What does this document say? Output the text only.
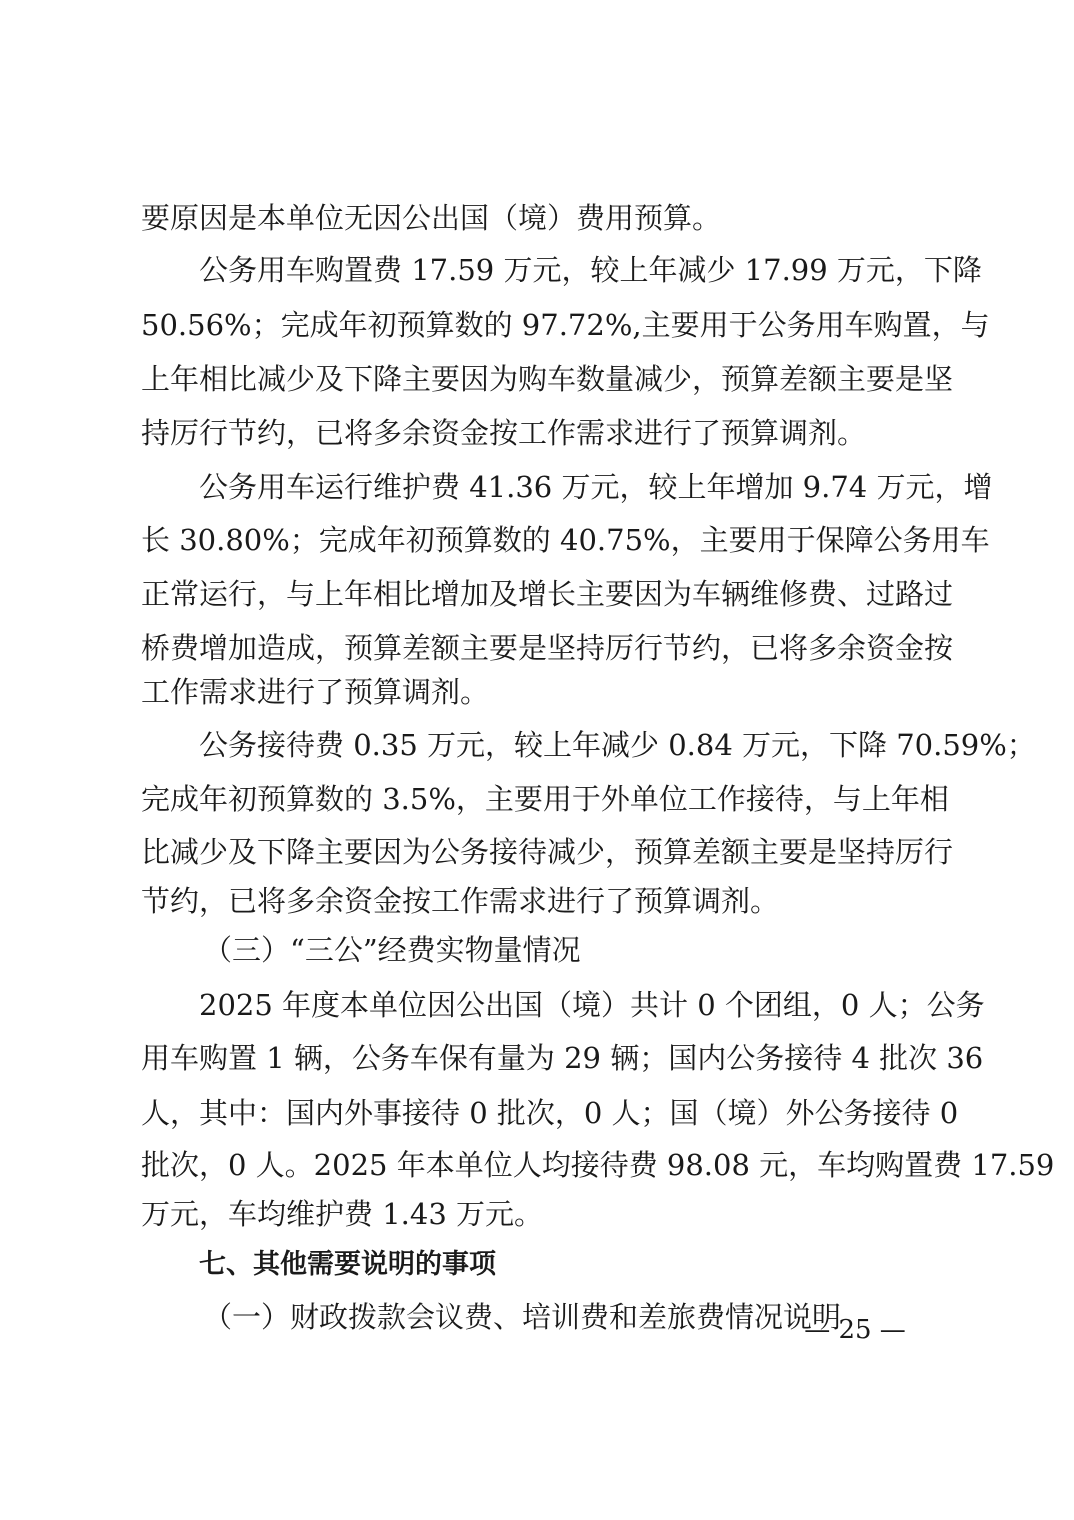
要原因是本单位无因公出国（境）费用预算。
公务用车购置费 17.59 万元，较上年减少 17.99 万元，下降
50.56%；完成年初预算数的 97.72%,主要用于公务用车购置，与
上年相比减少及下降主要因为购车数量减少，预算差额主要是坚
持厉行节约，已将多余资金按工作需求进行了预算调剂。
公务用车运行维护费 41.36 万元，较上年增加 9.74 万元，增
长 30.80%；完成年初预算数的 40.75%，主要用于保障公务用车
正常运行，与上年相比增加及增长主要因为车辆维修费、过路过
桥费增加造成，预算差额主要是坚持厉行节约，已将多余资金按
工作需求进行了预算调剂。
公务接待费 0.35 万元，较上年减少 0.84 万元，下降 70.59%；
完成年初预算数的 3.5%，主要用于外单位工作接待，与上年相
比减少及下降主要因为公务接待减少，预算差额主要是坚持厉行
节约，已将多余资金按工作需求进行了预算调剂。
（三）“三公”经费实物量情况
2025 年度本单位因公出国（境）共计 0 个团组，0 人；公务
用车购置 1 辆，公务车保有量为 29 辆；国内公务接待 4 批次 36
人，其中：国内外事接待 0 批次，0 人；国（境）外公务接待 0
批次，0 人。2025 年本单位人均接待费 98.08 元，车均购置费 17.59
万元，车均维护费 1.43 万元。
七、其他需要说明的事项
（一）财政拨款会议费、培训费和差旅费情况说明
— 25 —
